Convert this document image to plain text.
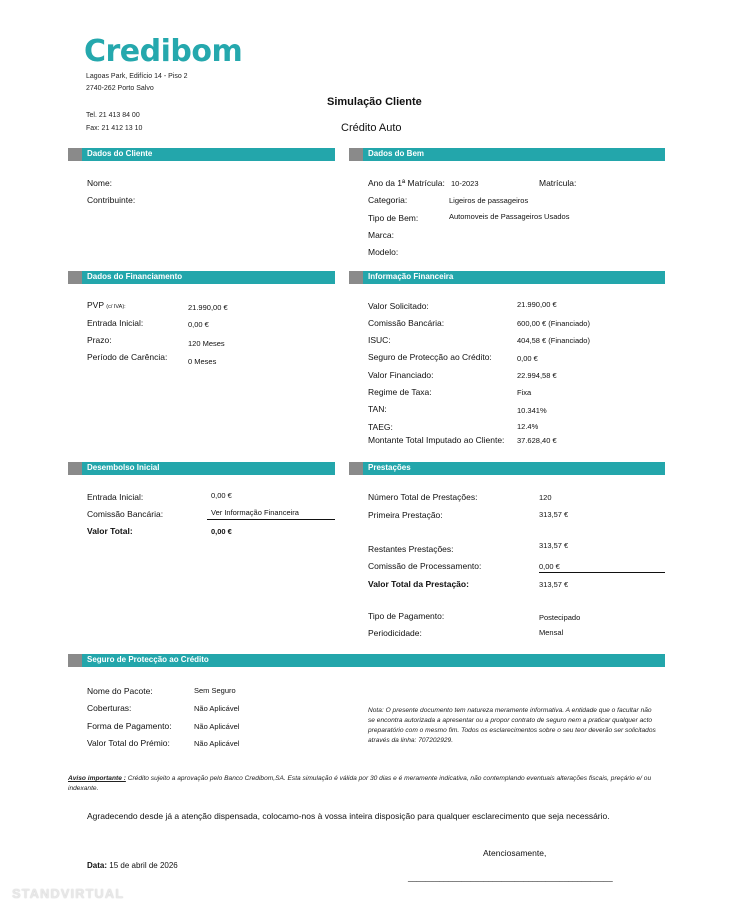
Credibom
Lagoas Park, Edifício 14 - Piso 2
2740-262 Porto Salvo
Tel. 21 413 84 00
Fax: 21 412 13 10
Simulação Cliente
Crédito Auto
Dados do Cliente	Dados do Bem
Nome:
Contribuinte:
Ano da 1ª Matrícula: 10-2023	Matrícula:
Categoria:	Ligeiros de passageiros
Tipo de Bem:	Automoveis de Passageiros Usados
Marca:
Modelo:
Dados do Financiamento	Informação Financeira
PVP (c/ IVA):	21.990,00 €
Entrada Inicial:	0,00 €
Prazo:	120 Meses
Período de Carência:	0 Meses
Valor Solicitado:	21.990,00 €
Comissão Bancária:	600,00 € (Financiado)
ISUC:	404,58 € (Financiado)
Seguro de Protecção ao Crédito:	0,00 €
Valor Financiado:	22.994,58 €
Regime de Taxa:	Fixa
TAN:	10.341%
TAEG:	12.4%
Montante Total Imputado ao Cliente: 37.628,40 €
Desembolso Inicial	Prestações
Entrada Inicial:	0,00 €
Comissão Bancária:	Ver Informação Financeira
Valor Total:	0,00 €
Número Total de Prestações:	120
Primeira Prestação:	313,57 €
Restantes Prestações:	313,57 €
Comissão de Processamento:	0,00 €
Valor Total da Prestação:	313,57 €
Tipo de Pagamento:	Postecipado
Periodicidade:	Mensal
Seguro de Protecção ao Crédito
Nome do Pacote:	Sem Seguro
Coberturas:	Não Aplicável
Forma de Pagamento:	Não Aplicável
Valor Total do Prémio:	Não Aplicável
Nota: O presente documento tem natureza meramente informativa. A entidade que o facultar não se encontra autorizada a apresentar ou a propor contrato de seguro nem a praticar qualquer acto preparatório com o mesmo fim. Todos os esclarecimentos sobre o seu teor deverão ser solicitados através da linha: 707202929.
Aviso importante : Crédito sujeito a aprovação pelo Banco Credibom,SA. Esta simulação é válida por 30 dias e é meramente indicativa, não contemplando eventuais alterações fiscais, preçário e/ ou indexante.
Agradecendo desde já a atenção dispensada, colocamo-nos à vossa inteira disposição para qualquer esclarecimento que seja necessário.
Data: 15 de abril de 2026
Atenciosamente,
______________________________________________
STANDVIRTUAL
